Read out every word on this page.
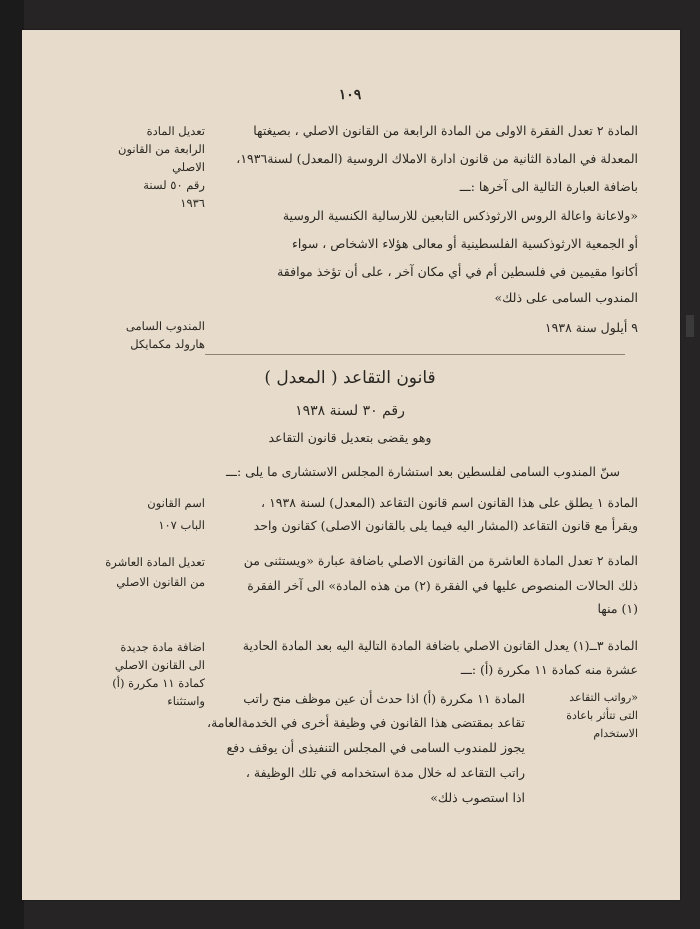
١٠٩
تعديل المادة
الرابعة من القانون
الاصلي
رقم ٥٠ لسنة
١٩٣٦
المادة ٢ تعدل الفقرة الاولى من المادة الرابعة من القانون الاصلي ، بصيغتها
المعدلة في المادة الثانية من قانون ادارة الاملاك الروسية (المعدل) لسنة١٩٣٦،
باضافة العبارة التالية الى آخرها :ـــ
«ولاعانة واعالة الروس الارثوذكس التابعين للارسالية الكنسية الروسية
أو الجمعية الارثوذكسية الفلسطينية أو معالى هؤلاء الاشخاص ، سواء
أكانوا مقيمين في فلسطين أم في أي مكان آخر ، على أن تؤخذ موافقة
المندوب السامى على ذلك»
٩ أيلول سنة ١٩٣٨
المندوب السامى
هارولد مكمايكل
قانون التقاعد ( المعدل )
رقم ٣٠ لسنة ١٩٣٨
وهو يقضى بتعديل قانون التقاعد
سنّ المندوب السامى لفلسطين بعد استشارة المجلس الاستشارى ما يلى :ـــ
اسم القانون
الباب ١٠٧
المادة ١ يطلق على هذا القانون اسم قانون التقاعد (المعدل) لسنة ١٩٣٨ ،
ويقرأ مع قانون التقاعد (المشار اليه فيما يلى بالقانون الاصلى) كقانون واحد
تعديل المادة العاشرة
من القانون الاصلي
المادة ٢ تعدل المادة العاشرة من القانون الاصلي باضافة عبارة «ويستثنى من
ذلك الحالات المنصوص عليها في الفقرة (٢) من هذه المادة» الى آخر الفقرة
(١) منها
اضافة مادة جديدة
الى القانون الاصلي
كمادة ١١ مكررة (أ)
واستثناء
المادة ٣ــ(١) يعدل القانون الاصلي باضافة المادة التالية اليه بعد المادة الحادية
عشرة منه كمادة ١١ مكررة (أ) :ـــ
«رواتب التقاعد
التى تتأثر باعادة
الاستخدام
المادة ١١ مكررة (أ) اذا حدث أن عين موظف منح راتب
تقاعد بمقتضى هذا القانون في وظيفة أخرى في الخدمةالعامة،
يجوز للمندوب السامى في المجلس التنفيذى أن يوقف دفع
راتب التقاعد له خلال مدة استخدامه في تلك الوظيفة ،
اذا استصوب ذلك»
